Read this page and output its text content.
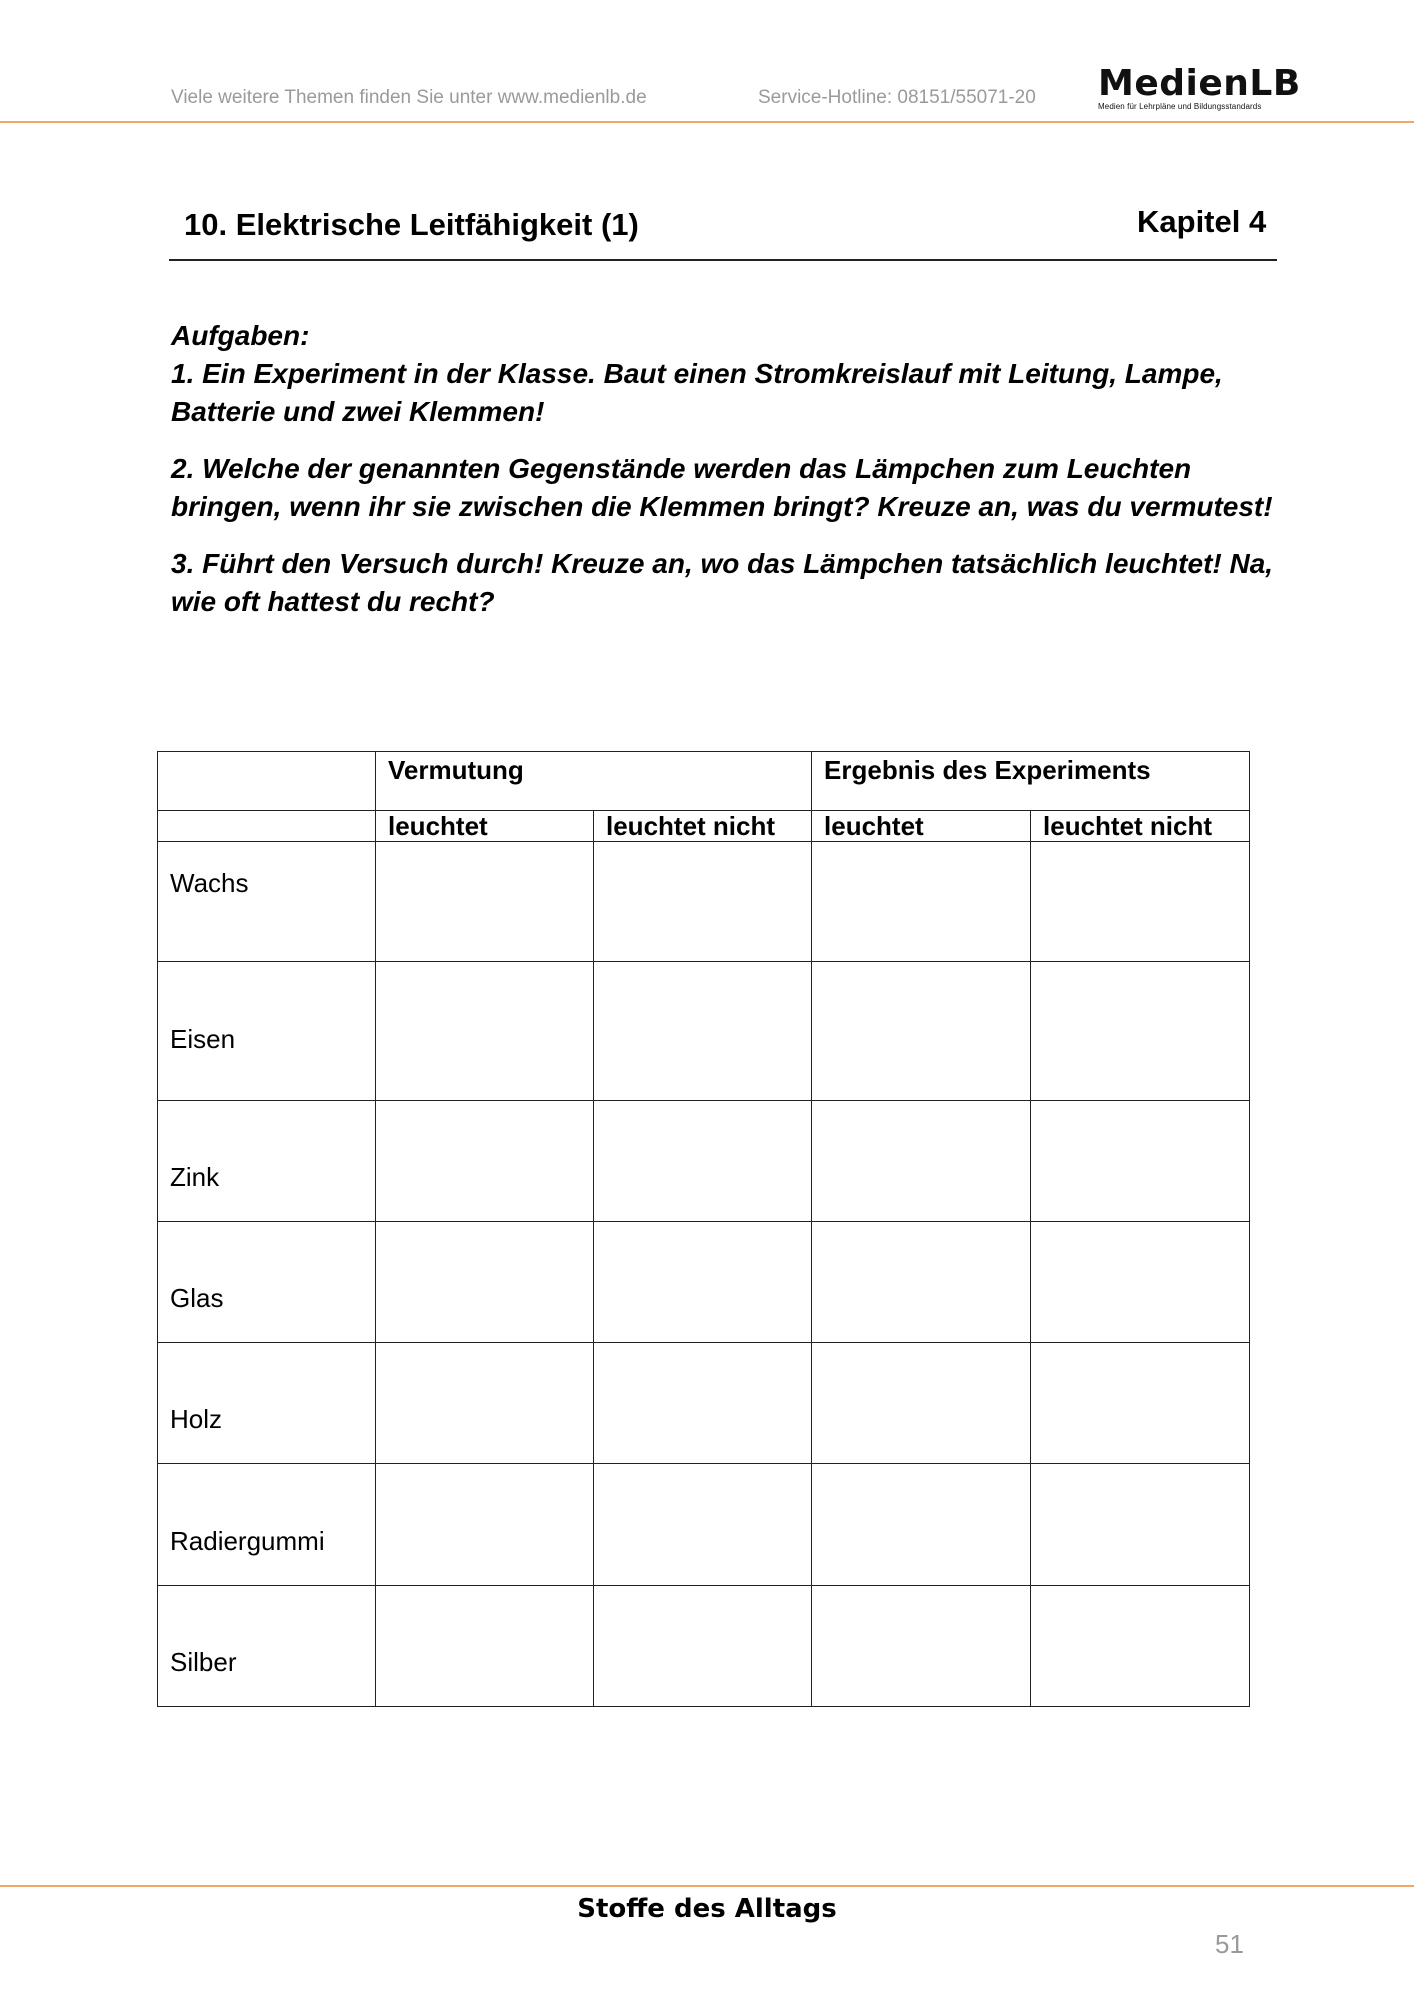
Viele weitere Themen finden Sie unter www.medienlb.de	Service-Hotline: 08151/55071-20 MedienLB
Medien für Lehrpläne und Bildungsstandards
10. Elektrische Leitfähigkeit (1)	Kapitel 4

Aufgaben:

1. Ein Experiment in der Klasse. Baut einen Stromkreislauf mit Leitung, Lampe, Batterie und zwei Klemmen!

2. Welche der genannten Gegenstände werden das Lämpchen zum Leuchten bringen, wenn ihr sie zwischen die Klemmen bringt? Kreuze an, was du vermutest!

3. Führt den Versuch durch! Kreuze an, wo das Lämpchen tatsächlich leuchtet! Na, wie oft hattest du recht?

	Vermutung		Ergebnis des Experiments	
	leuchtet	leuchtet nicht	leuchtet	leuchtet nicht
Wachs				
Eisen				
Zink				
Glas				
Holz				
Radiergummi				
Silber				
Stoffe des Alltags
51
